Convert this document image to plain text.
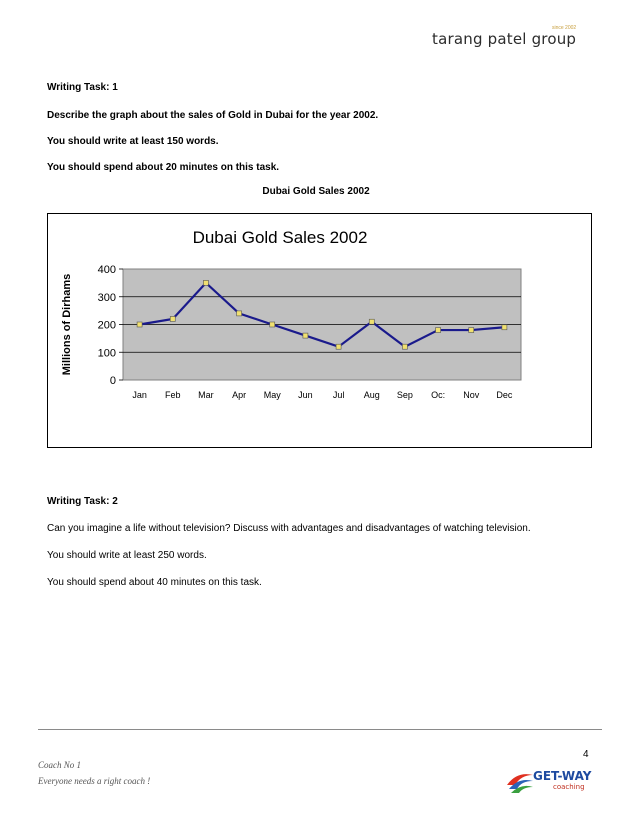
since 2002
tarang patel group
Writing Task: 1
Describe the graph about the sales of Gold in Dubai for the year 2002.
You should write at least 150 words.
You should spend about 20 minutes on this task.
Dubai Gold Sales 2002
Dubai Gold Sales 2002
0
100
200
300
400
Millions of Dirhams
Jan Feb Mar Apr May Jun Jul Aug Sep Oc: Nov Dec
Writing Task: 2
Can you imagine a life without television? Discuss with advantages and disadvantages of watching television.
You should write at least 250 words.
You should spend about 40 minutes on this task.
4
Coach No 1
Everyone needs a right coach !	GET-WAY
coaching
